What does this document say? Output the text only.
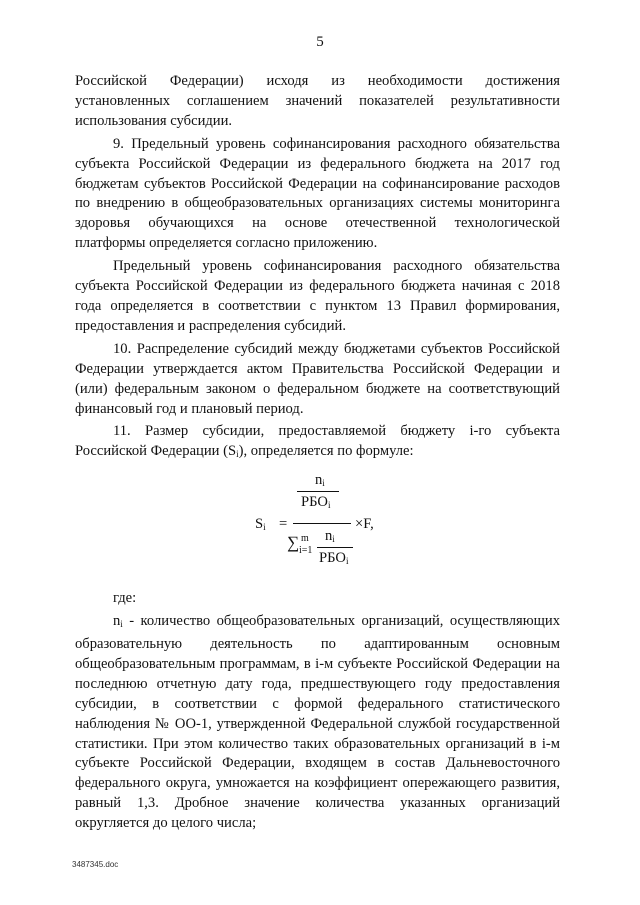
5

Российской Федерации) исходя из необходимости достижения установленных соглашением значений показателей результативности использования субсидии.

9. Предельный уровень софинансирования расходного обязательства субъекта Российской Федерации из федерального бюджета на 2017 год бюджетам субъектов Российской Федерации на софинансирование расходов по внедрению в общеобразовательных организациях системы мониторинга здоровья обучающихся на основе отечественной технологической платформы определяется согласно приложению.

Предельный уровень софинансирования расходного обязательства субъекта Российской Федерации из федерального бюджета начиная с 2018 года определяется в соответствии с пунктом 13 Правил формирования, предоставления и распределения субсидий.

10. Распределение субсидий между бюджетами субъектов Российской Федерации утверждается актом Правительства Российской Федерации и (или) федеральным законом о федеральном бюджете на соответствующий финансовый год и плановый период.

11. Размер субсидии, предоставляемой бюджету i-го субъекта Российской Федерации $(S_i)$, определяется по формуле:

$S_i$ =
$n_i$
$РБО_i$
×F,
∑ m
i=1
$n_i$
$РБО_i$

где:

$n_i$ - количество общеобразовательных организаций, осуществляющих образовательную деятельность по адаптированным основным общеобразовательным программам, в i-м субъекте Российской Федерации на последнюю отчетную дату года, предшествующего году предоставления субсидии, в соответствии с формой федерального статистического наблюдения № ОО-1, утвержденной Федеральной службой государственной статистики. При этом количество таких образовательных организаций в i-м субъекте Российской Федерации, входящем в состав Дальневосточного федерального округа, умножается на коэффициент опережающего развития, равный 1,3. Дробное значение количества указанных организаций округляется до целого числа;

3487345.doc
